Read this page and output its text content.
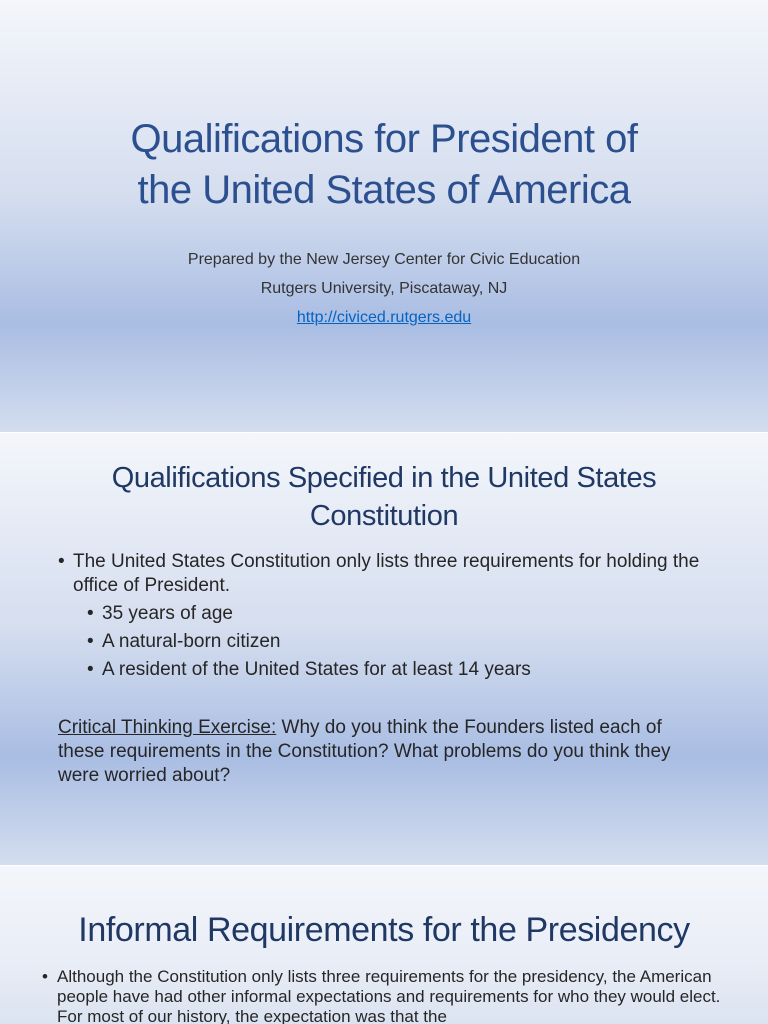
Qualifications for President of
the United States of America

Prepared by the New Jersey Center for Civic Education

Rutgers University, Piscataway, NJ

http://civiced.rutgers.edu

Qualifications Specified in the United States
Constitution
• The United States Constitution only lists three requirements for holding the office of President.
• 35 years of age
• A natural-born citizen
• A resident of the United States for at least 14 years

Critical Thinking Exercise: Why do you think the Founders listed each of these requirements in the Constitution? What problems do you think they were worried about?

Informal Requirements for the Presidency

• Although the Constitution only lists three requirements for the presidency, the American people have had other informal expectations and requirements for who they would elect. For most of our history, the expectation was that the
